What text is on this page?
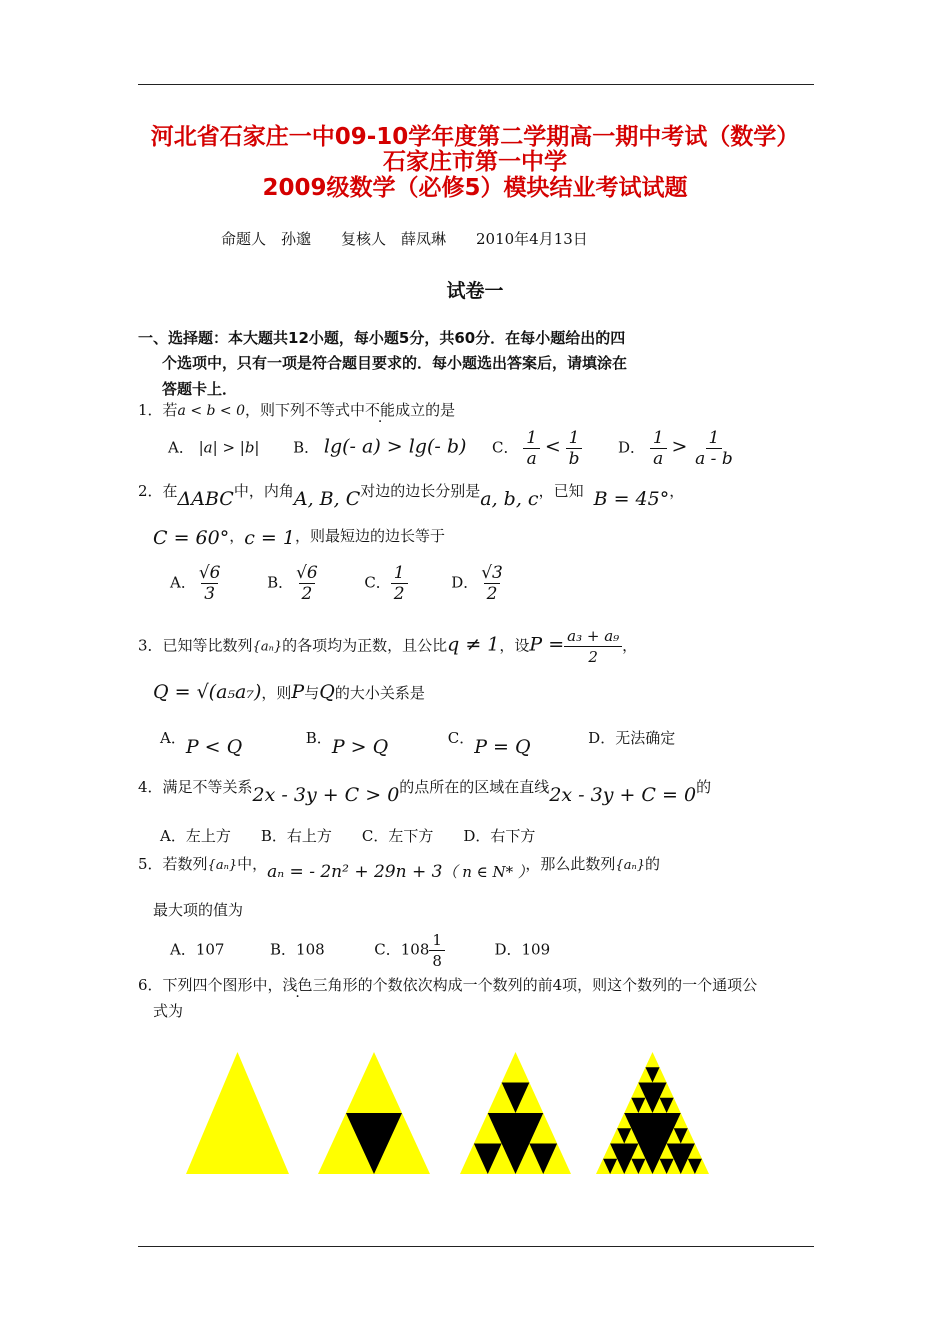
河北省石家庄一中09-10学年度第二学期高一期中考试（数学）
石家庄市第一中学
2009级数学（必修5）模块结业考试试题
命题人　孙邈　　复核人　薛凤琳　　2010年4月13日
试卷一
一、选择题：本大题共12小题，每小题5分，共60分．在每小题给出的四
个选项中，只有一项是符合题目要求的．每小题选出答案后，请填涂在
答题卡上．
1．若a < b < 0，则下列不等式中不能成立的是
A． |a| > |b| B． lg(- a) > lg(- b) C． $\frac{1}{a} < \frac{1}{b}$ D． $\frac{1}{a} > \frac{1}{a - b}$
2．在ΔABC中，内角A, B, C对边的边长分别是a, b, c，已知 B = 45°，
C = 60°，c = 1，则最短边的边长等于
A． $\frac{√6}{3}$	B． $\frac{√6}{2}$	C． $\frac{1}{2}$	D． $\frac{√3}{2}$
3．已知等比数列{aₙ}的各项均为正数，且公比q ≠ 1，设$P = \frac{\text{a₃ + a₉}}{2}$ ，
Q = √(a₅a₇)，则P与Q的大小关系是
A．P < Q	B．P > Q	C．P = Q	D．无法确定
4．满足不等关系2x - 3y + C > 0的点所在的区域在直线2x - 3y + C = 0的
A．左上方　　B．右上方　　C．左下方　　D．右下方
5．若数列{aₙ}中，aₙ = - 2n² + 29n + 3（ n ∈ N* ），那么此数列{aₙ}的
最大项的值为
A．107	B．108	C．$108 \frac{1}{8}$	D．109
6．下列四个图形中，浅色三角形的个数依次构成一个数列的前4项，则这个数列的一个通项公
式为
